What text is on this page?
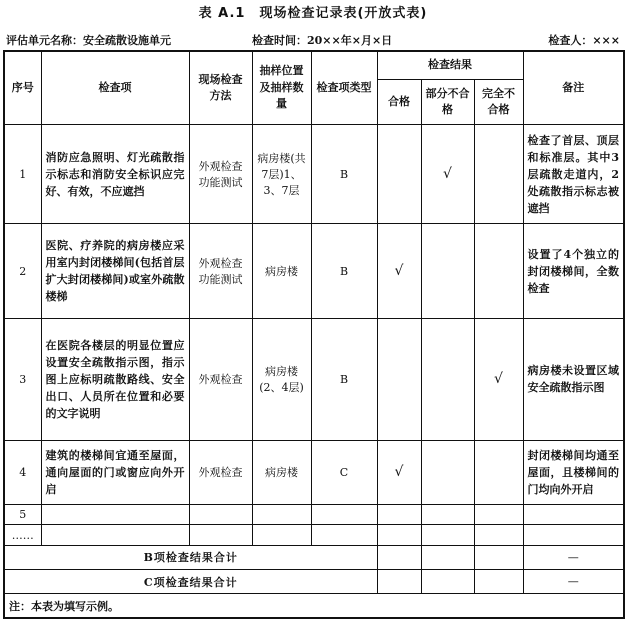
表 A.1　现场检查记录表(开放式表)
评估单元名称：安全疏散设施单元	检查时间：20××年×月×日	检查人：×××
序号	检查项	现场检查方法	抽样位置及抽样数量	检查项类型	检查结果			备注
					合格	部分不合格	完全不合格	
1	消防应急照明、灯光疏散指示标志和消防安全标识应完好、有效，不应遮挡	外观检查功能测试	病房楼(共7层)1、3、7层	B		√		检查了首层、顶层和标准层。其中3层疏散走道内，2处疏散指示标志被遮挡
2	医院、疗养院的病房楼应采用室内封闭楼梯间(包括首层扩大封闭楼梯间)或室外疏散楼梯	外观检查功能测试	病房楼	B	√			设置了4个独立的封闭楼梯间，全数检查
3	在医院各楼层的明显位置应设置安全疏散指示图，指示图上应标明疏散路线、安全出口、人员所在位置和必要的文字说明	外观检查	病房楼(2、4层)	B			√	病房楼未设置区域安全疏散指示图
4	建筑的楼梯间宜通至屋面，通向屋面的门或窗应向外开启	外观检查	病房楼	C	√			封闭楼梯间均通至屋面，且楼梯间的门均向外开启
5								
……								
B项检查结果合计								—
C项检查结果合计								—
注：本表为填写示例。								
